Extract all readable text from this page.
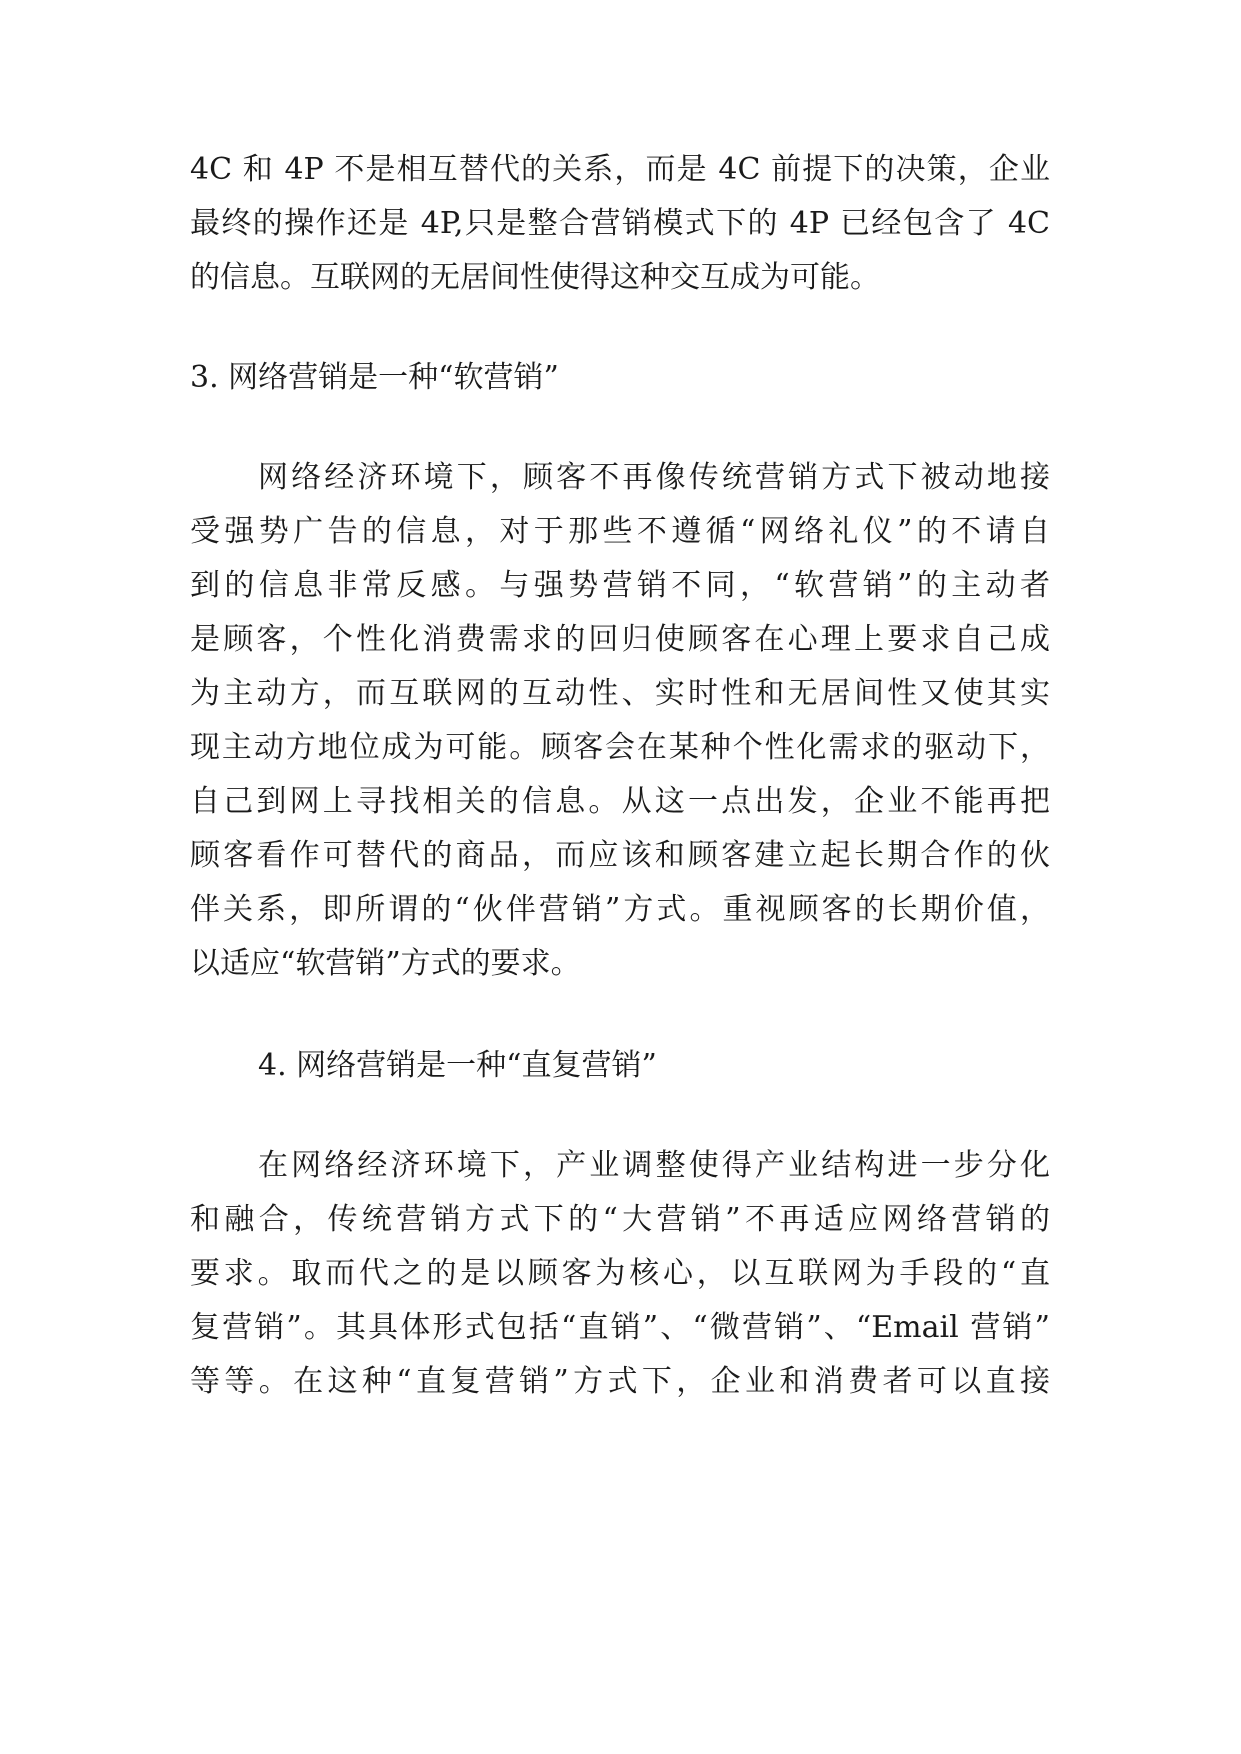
4C 和 4P 不是相互替代的关系，而是 4C 前提下的决策，企业
最终的操作还是 4P,只是整合营销模式下的 4P 已经包含了 4C
的信息。互联网的无居间性使得这种交互成为可能。
3. 网络营销是一种“软营销”
网络经济环境下，顾客不再像传统营销方式下被动地接
受强势广告的信息，对于那些不遵循“网络礼仪”的不请自
到的信息非常反感。与强势营销不同，“软营销”的主动者
是顾客，个性化消费需求的回归使顾客在心理上要求自己成
为主动方，而互联网的互动性、实时性和无居间性又使其实
现主动方地位成为可能。顾客会在某种个性化需求的驱动下，
自己到网上寻找相关的信息。从这一点出发，企业不能再把
顾客看作可替代的商品，而应该和顾客建立起长期合作的伙
伴关系，即所谓的“伙伴营销”方式。重视顾客的长期价值，
以适应“软营销”方式的要求。
4. 网络营销是一种“直复营销”
在网络经济环境下，产业调整使得产业结构进一步分化
和融合，传统营销方式下的“大营销”不再适应网络营销的
要求。取而代之的是以顾客为核心，以互联网为手段的“直
复营销”。其具体形式包括“直销”、“微营销”、“Email 营销”
等等。在这种“直复营销”方式下，企业和消费者可以直接
